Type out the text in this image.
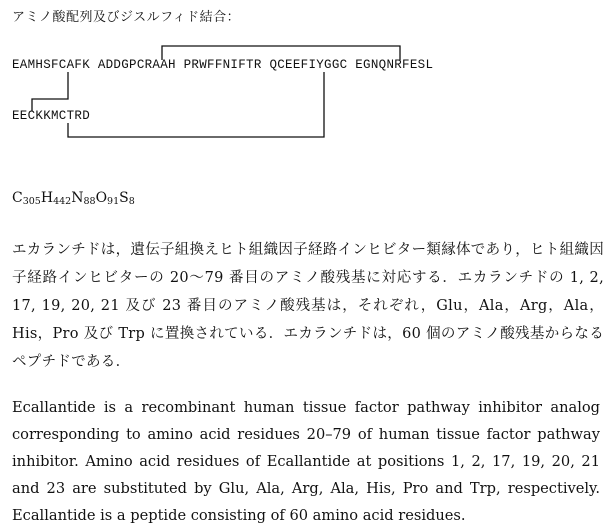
アミノ酸配列及びジスルフィド結合：
EAMHSFCAFK ADDGPCRAAH PRWFFNIFTR QCEEFIYGGC EGNQNRFESL
EECKKMCTRD
$C_{305}H_{442}N_{88}O_{91}S_8$
エカランチドは，遺伝子組換えヒト組織因子経路インヒビター類縁体であり，ヒト組織因子経路インヒビターの 20〜79 番目のアミノ酸残基に対応する．エカランチドの 1, 2, 17, 19, 20, 21 及び 23 番目のアミノ酸残基は，それぞれ，Glu，Ala，Arg，Ala，His，Pro 及び Trp に置換されている．エカランチドは，60 個のアミノ酸残基からなるペプチドである．
Ecallantide is a recombinant human tissue factor pathway inhibitor analog corresponding to amino acid residues 20–79 of human tissue factor pathway inhibitor. Amino acid residues of Ecallantide at positions 1, 2, 17, 19, 20, 21 and 23 are substituted by Glu, Ala, Arg, Ala, His, Pro and Trp, respectively. Ecallantide is a peptide consisting of 60 amino acid residues.
